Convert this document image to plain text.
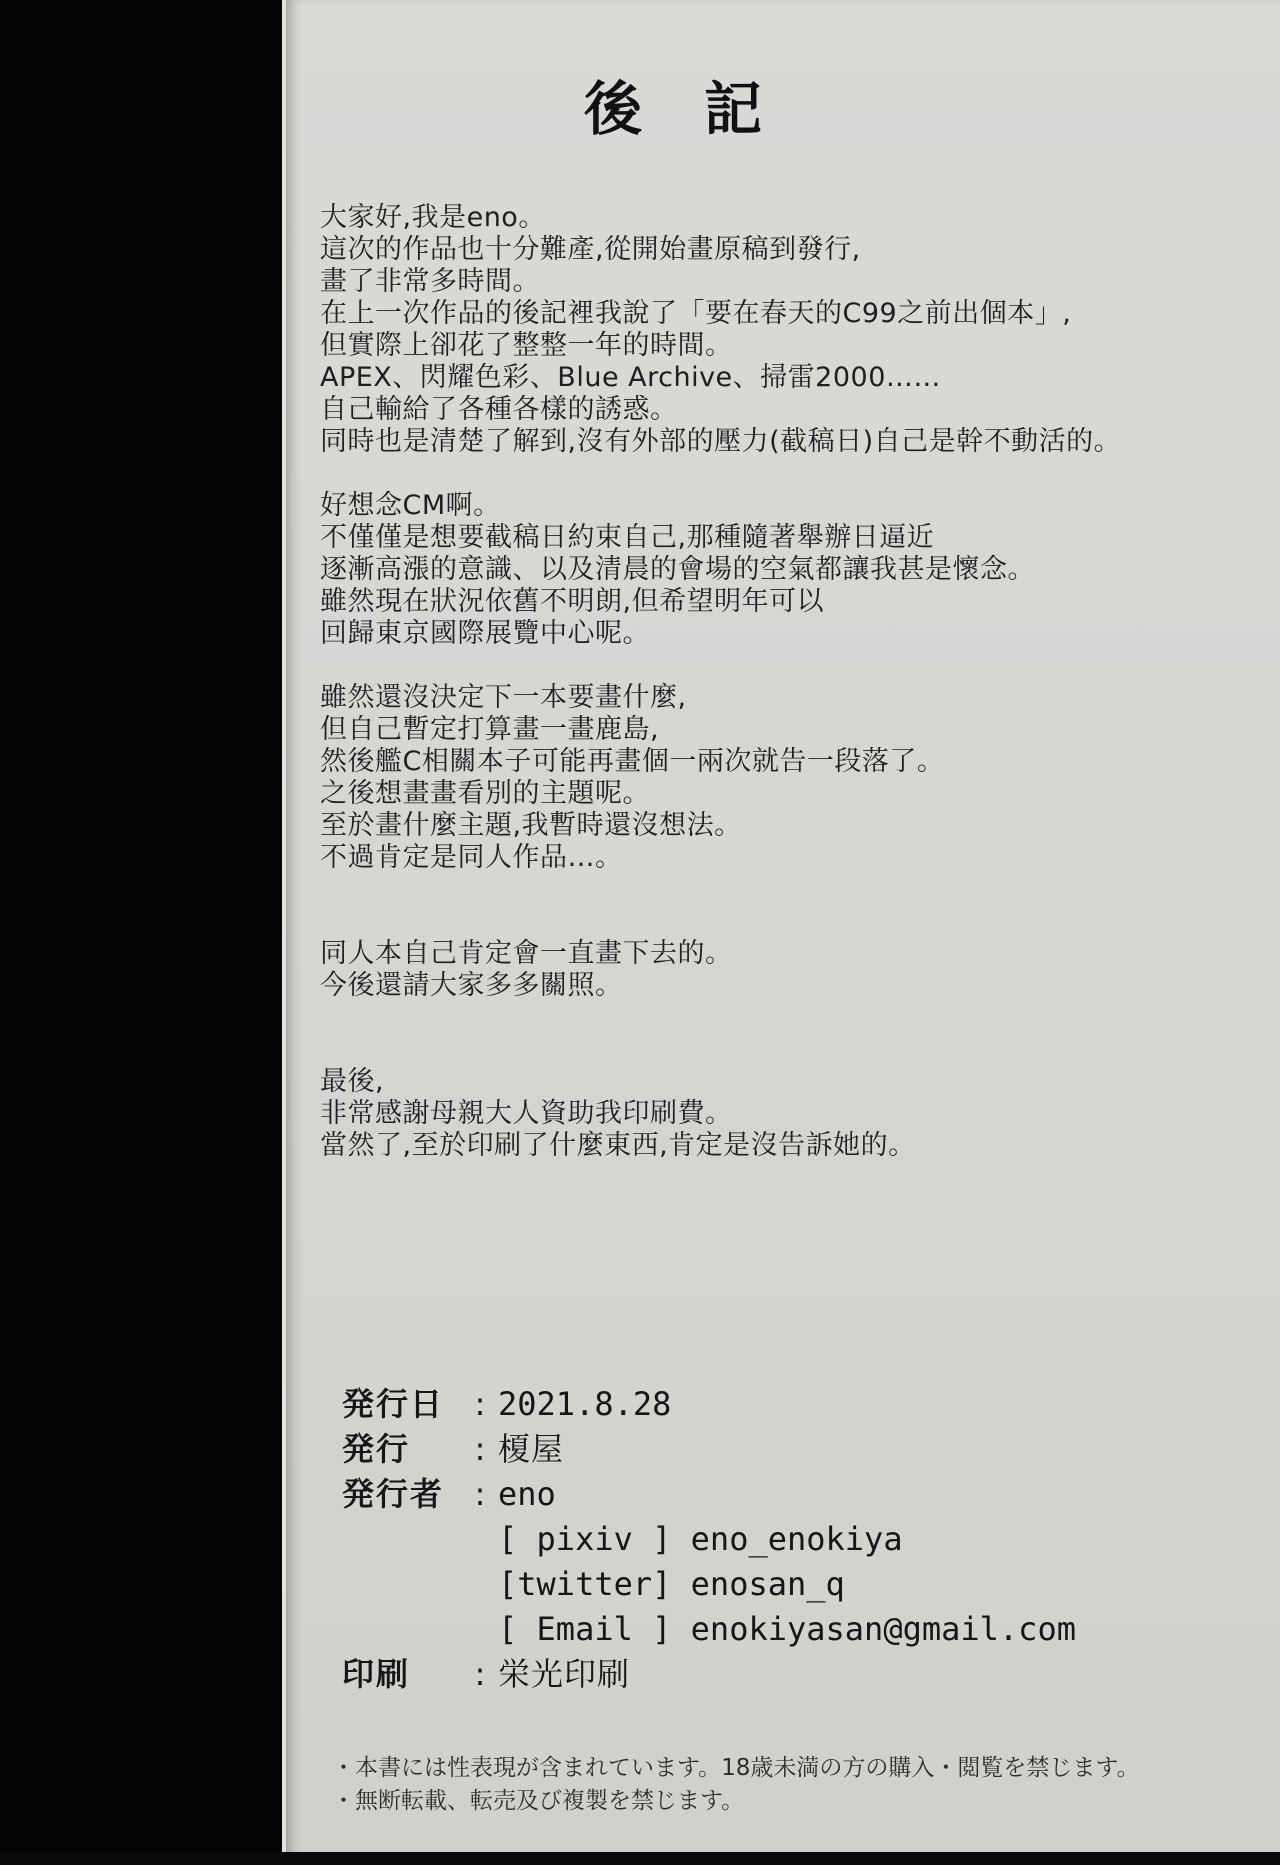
後　記
大家好,我是eno。
這次的作品也十分難產,從開始畫原稿到發行,
畫了非常多時間。
在上一次作品的後記裡我說了「要在春天的C99之前出個本」,
但實際上卻花了整整一年的時間。
APEX、閃耀色彩、Blue Archive、掃雷2000……
自己輸給了各種各樣的誘惑。
同時也是清楚了解到,沒有外部的壓力(截稿日)自己是幹不動活的。
好想念CM啊。
不僅僅是想要截稿日約束自己,那種隨著舉辦日逼近
逐漸高漲的意識、以及清晨的會場的空氣都讓我甚是懷念。
雖然現在狀況依舊不明朗,但希望明年可以
回歸東京國際展覽中心呢。
雖然還沒決定下一本要畫什麼,
但自己暫定打算畫一畫鹿島,
然後艦C相關本子可能再畫個一兩次就告一段落了。
之後想畫畫看別的主題呢。
至於畫什麼主題,我暫時還沒想法。
不過肯定是同人作品…。
同人本自己肯定會一直畫下去的。
今後還請大家多多關照。
最後,
非常感謝母親大人資助我印刷費。
當然了,至於印刷了什麼東西,肯定是沒告訴她的。
発行日 : 2021.8.28
発行 : 榎屋
発行者 : eno
[ pixiv ] eno_enokiya
[twitter] enosan_q
[ Email ] enokiyasan@gmail.com
印刷 : 栄光印刷
・本書には性表現が含まれています。18歳未満の方の購入・閲覧を禁じます。
・無断転載、転売及び複製を禁じます。
